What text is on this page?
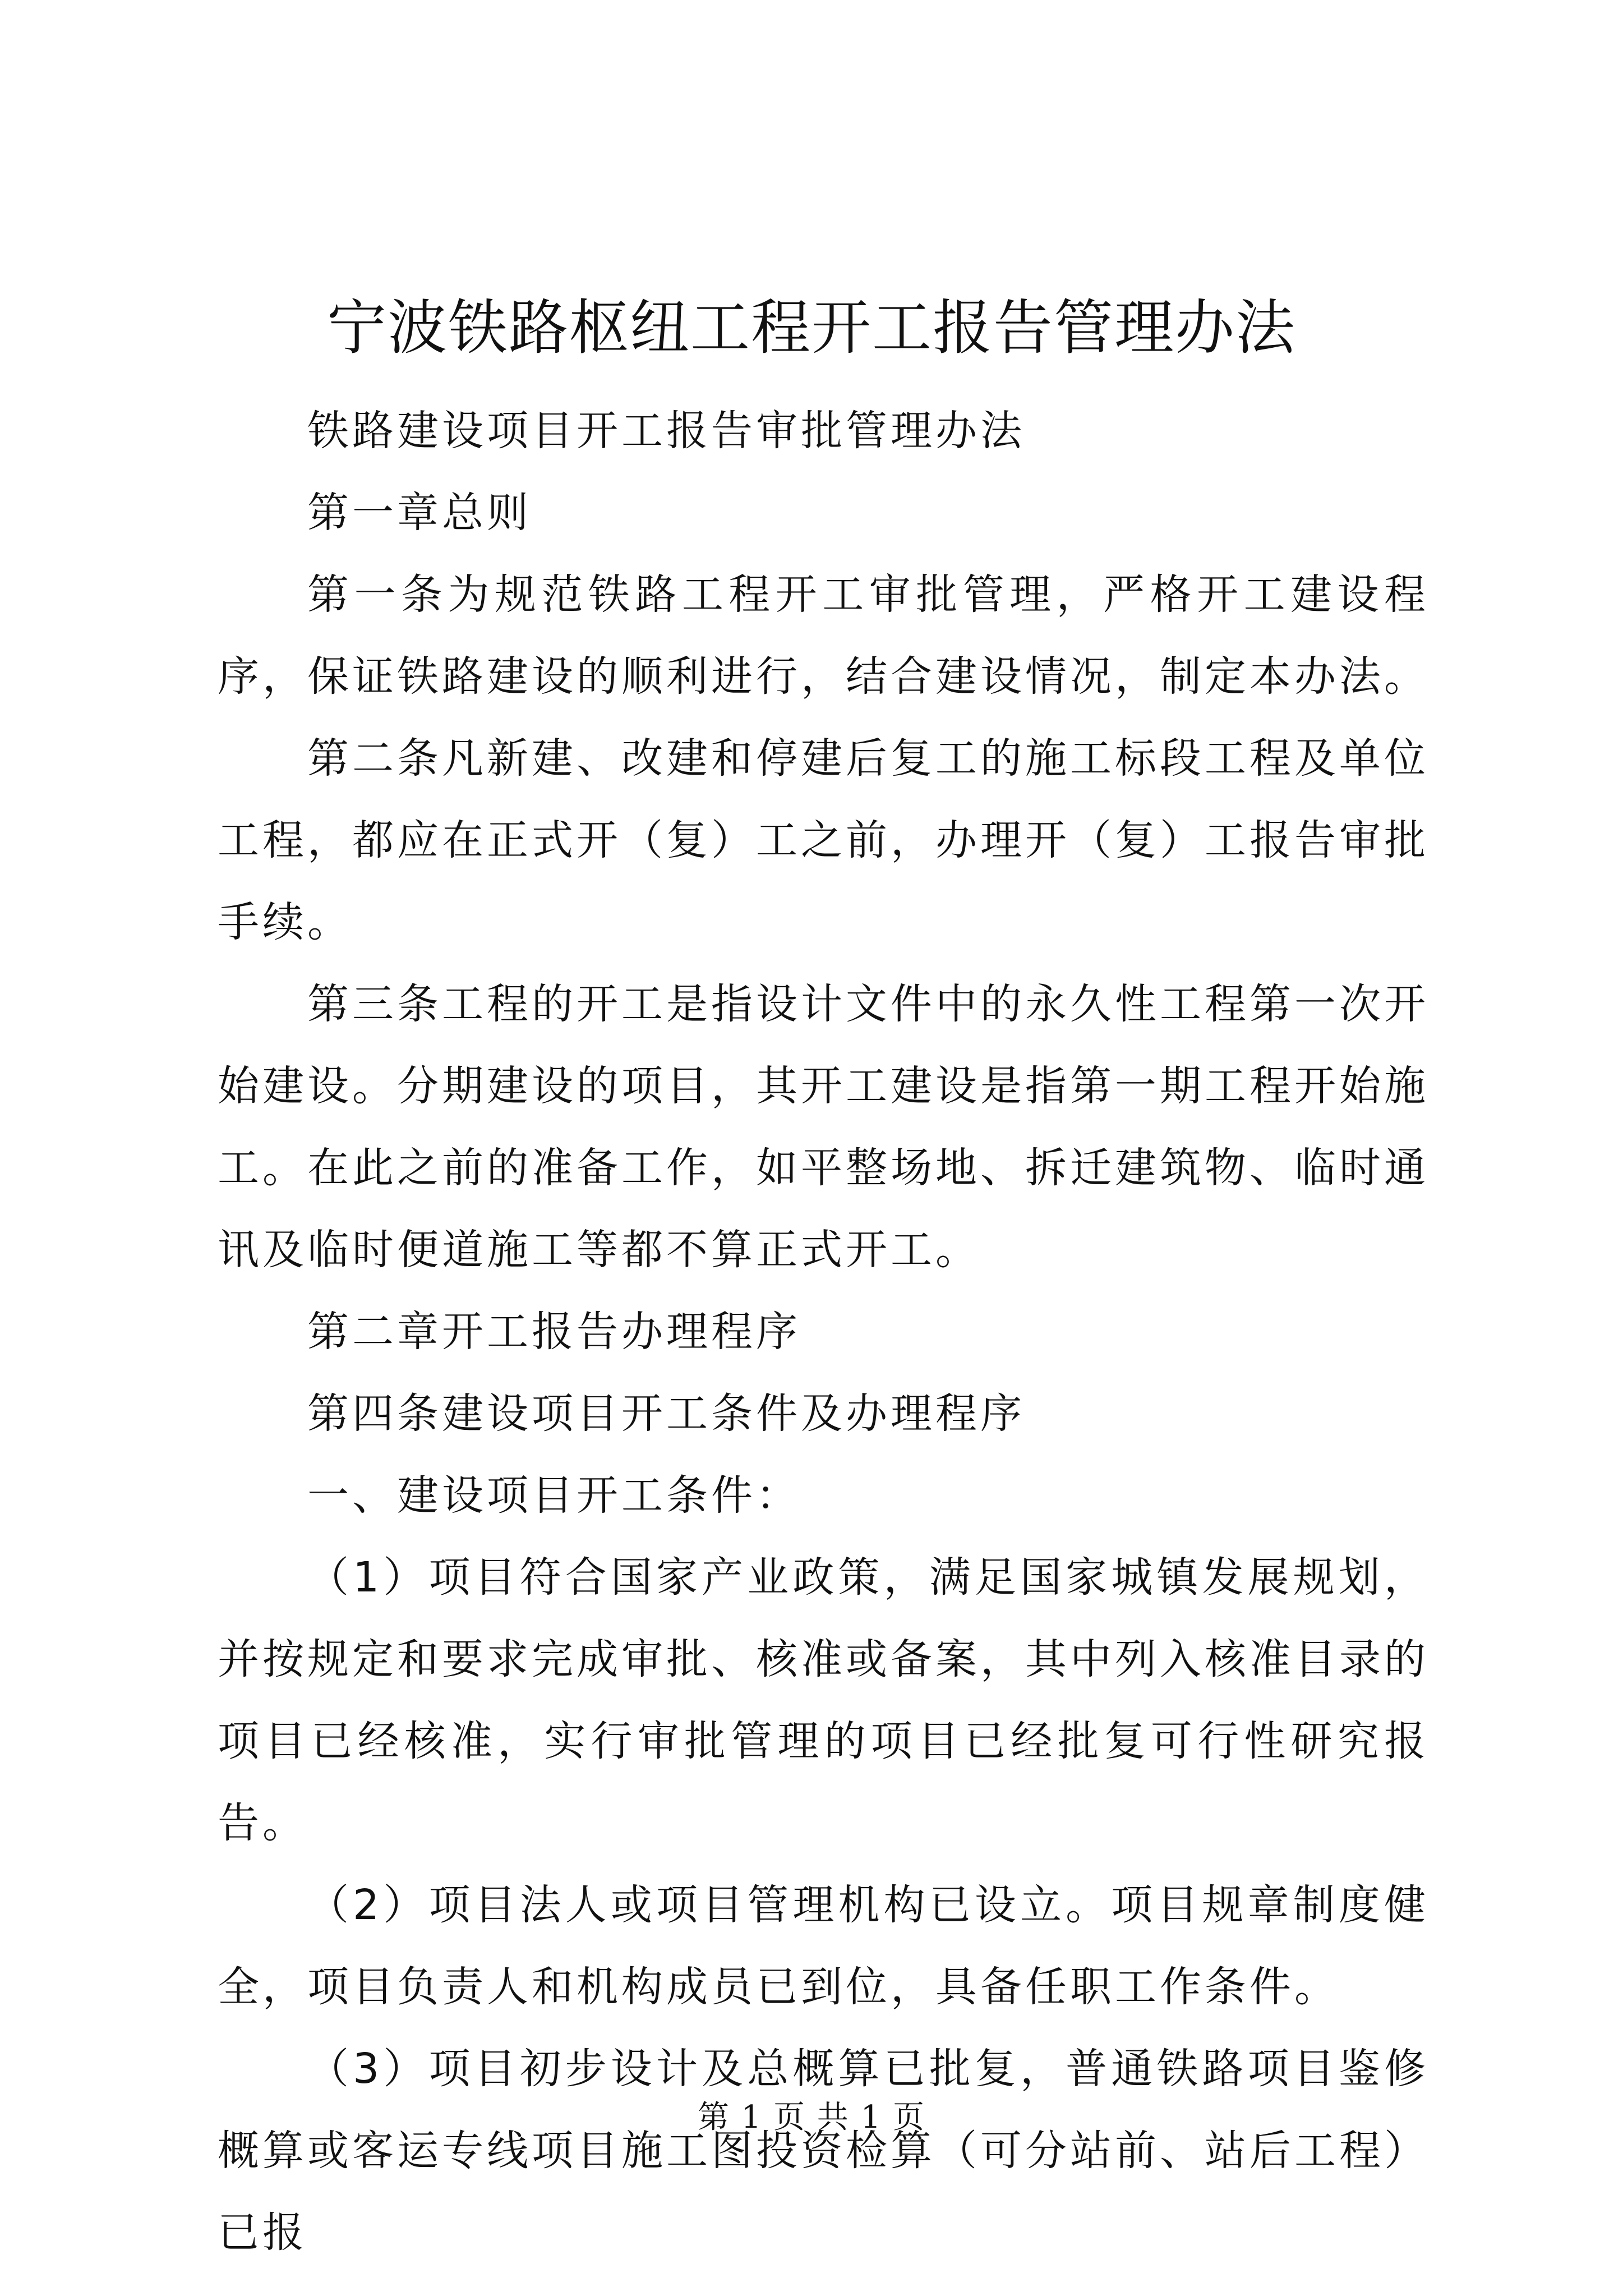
宁波铁路枢纽工程开工报告管理办法

铁路建设项目开工报告审批管理办法

第一章总则

第一条为规范铁路工程开工审批管理，严格开工建设程序，保证铁路建设的顺利进行，结合建设情况，制定本办法。

第二条凡新建、改建和停建后复工的施工标段工程及单位工程，都应在正式开（复）工之前，办理开（复）工报告审批手续。

第三条工程的开工是指设计文件中的永久性工程第一次开始建设。分期建设的项目，其开工建设是指第一期工程开始施工。在此之前的准备工作，如平整场地、拆迁建筑物、临时通讯及临时便道施工等都不算正式开工。

第二章开工报告办理程序

第四条建设项目开工条件及办理程序

一、建设项目开工条件：

（1）项目符合国家产业政策，满足国家城镇发展规划，并按规定和要求完成审批、核准或备案，其中列入核准目录的项目已经核准，实行审批管理的项目已经批复可行性研究报告。

（2）项目法人或项目管理机构已设立。项目规章制度健全，项目负责人和机构成员已到位，具备任职工作条件。

（3）项目初步设计及总概算已批复，普通铁路项目鉴修概算或客运专线项目施工图投资检算（可分站前、站后工程）已报

第 1 页 共 1 页
